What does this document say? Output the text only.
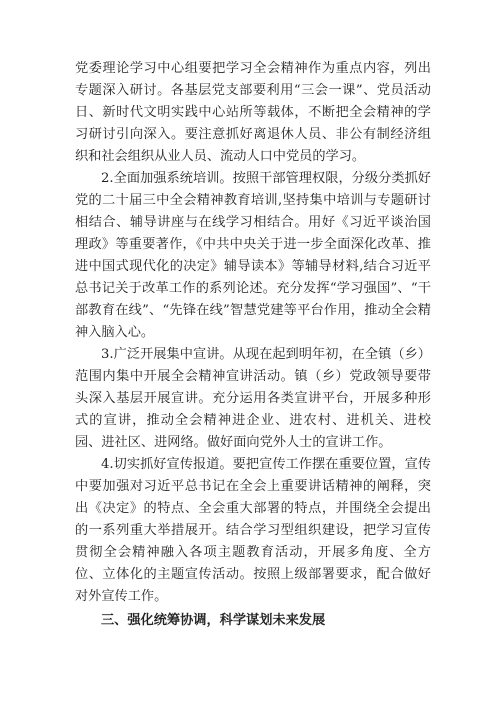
党委理论学习中心组要把学习全会精神作为重点内容，列出专题深入研讨。各基层党支部要利用“三会一课”、党员活动日、新时代文明实践中心站所等载体，不断把全会精神的学习研讨引向深入。要注意抓好离退休人员、非公有制经济组织和社会组织从业人员、流动人口中党员的学习。

2.全面加强系统培训。按照干部管理权限，分级分类抓好党的二十届三中全会精神教育培训,坚持集中培训与专题研讨相结合、辅导讲座与在线学习相结合。用好《习近平谈治国理政》等重要著作，《中共中央关于进一步全面深化改革、推进中国式现代化的决定》辅导读本》等辅导材料,结合习近平总书记关于改革工作的系列论述。充分发挥“学习强国”、“干部教育在线”、“先锋在线”智慧党建等平台作用，推动全会精神入脑入心。

3.广泛开展集中宣讲。从现在起到明年初，在全镇（乡）范围内集中开展全会精神宣讲活动。镇（乡）党政领导要带头深入基层开展宣讲。充分运用各类宣讲平台，开展多种形式的宣讲，推动全会精神进企业、进农村、进机关、进校园、进社区、进网络。做好面向党外人士的宣讲工作。

4.切实抓好宣传报道。要把宣传工作摆在重要位置，宣传中要加强对习近平总书记在全会上重要讲话精神的阐释，突出《决定》的特点、全会重大部署的特点，并围绕全会提出的一系列重大举措展开。结合学习型组织建设，把学习宣传贯彻全会精神融入各项主题教育活动，开展多角度、全方位、立体化的主题宣传活动。按照上级部署要求，配合做好对外宣传工作。

三、强化统筹协调，科学谋划未来发展
